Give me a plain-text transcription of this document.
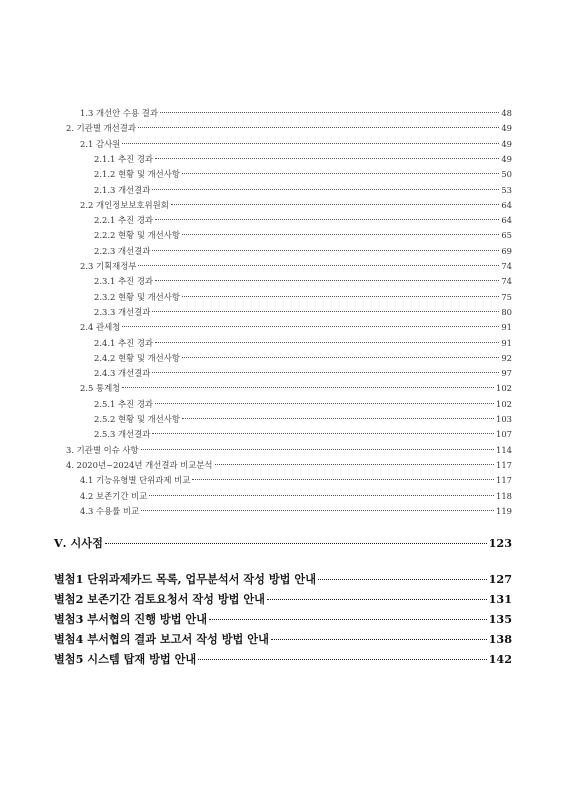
1.3 개선안 수용 결과	48
2. 기관별 개선결과	49
2.1 감사원	49
2.1.1 추진 경과	49
2.1.2 현황 및 개선사항	50
2.1.3 개선결과	53
2.2 개인정보보호위원회	64
2.2.1 추진 경과	64
2.2.2 현황 및 개선사항	65
2.2.3 개선결과	69
2.3 기획재정부	74
2.3.1 추진 경과	74
2.3.2 현황 및 개선사항	75
2.3.3 개선결과	80
2.4 관세청	91
2.4.1 추진 경과	91
2.4.2 현황 및 개선사항	92
2.4.3 개선결과	97
2.5 통계청	102
2.5.1 추진 경과	102
2.5.2 현황 및 개선사항	103
2.5.3 개선결과	107
3. 기관별 이슈 사항	114
4. 2020년~2024년 개선결과 비교분석	117
4.1 기능유형별 단위과제 비교	117
4.2 보존기간 비교	118
4.3 수용률 비교	119
Ⅴ. 시사점	123
별첨1 단위과제카드 목록, 업무분석서 작성 방법 안내	127
별첨2 보존기간 검토요청서 작성 방법 안내	131
별첨3 부서협의 진행 방법 안내	135
별첨4 부서협의 결과 보고서 작성 방법 안내	138
별첨5 시스템 탑재 방법 안내	142
